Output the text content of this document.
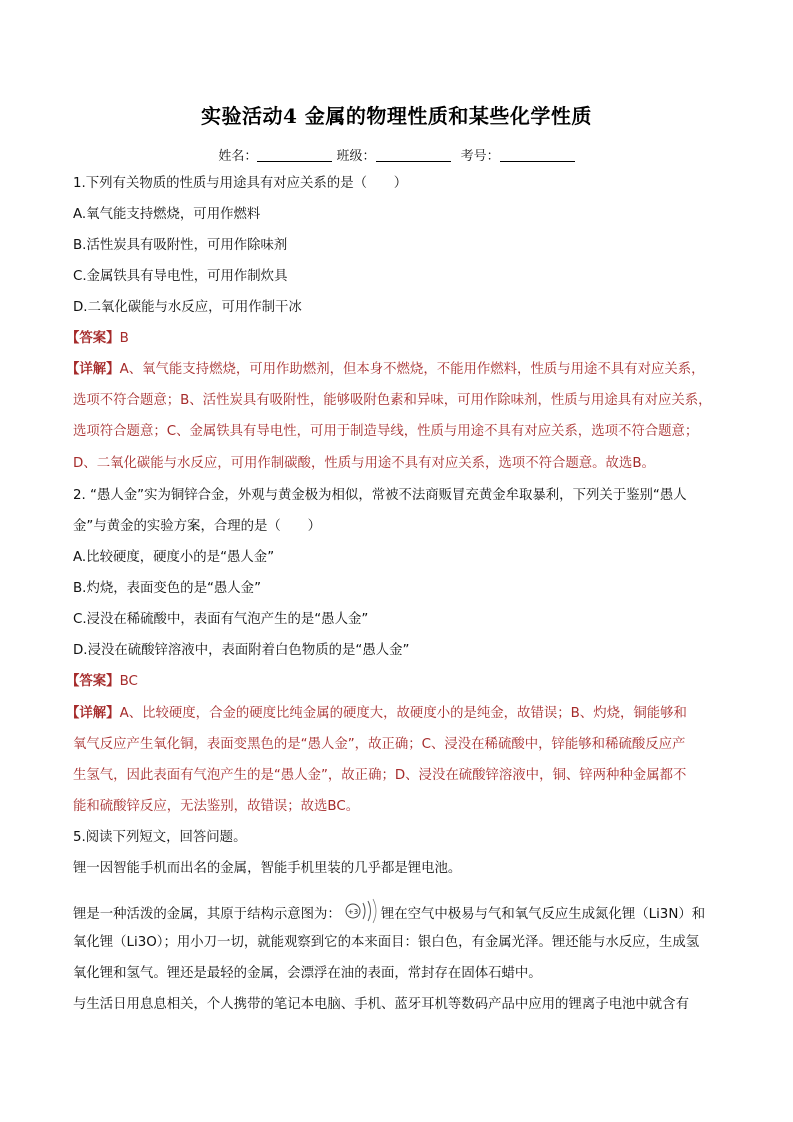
实验活动4 金属的物理性质和某些化学性质
姓名：	班级：	考号：
1.下列有关物质的性质与用途具有对应关系的是（　　）
A.氧气能支持燃烧，可用作燃料
B.活性炭具有吸附性，可用作除味剂
C.金属铁具有导电性，可用作制炊具
D.二氧化碳能与水反应，可用作制干冰
【答案】B
【详解】A、氧气能支持燃烧，可用作助燃剂，但本身不燃烧，不能用作燃料，性质与用途不具有对应关系，
选项不符合题意；B、活性炭具有吸附性，能够吸附色素和异味，可用作除味剂，性质与用途具有对应关系，
选项符合题意；C、金属铁具有导电性，可用于制造导线，性质与用途不具有对应关系，选项不符合题意；
D、二氧化碳能与水反应，可用作制碳酸，性质与用途不具有对应关系，选项不符合题意。故选B。
2. “愚人金”实为铜锌合金，外观与黄金极为相似，常被不法商贩冒充黄金牟取暴利，下列关于鉴别“愚人
金”与黄金的实验方案，合理的是（　　）
A.比较硬度，硬度小的是“愚人金”
B.灼烧，表面变色的是“愚人金”
C.浸没在稀硫酸中，表面有气泡产生的是“愚人金”
D.浸没在硫酸锌溶液中，表面附着白色物质的是“愚人金”
【答案】BC
【详解】A、比较硬度，合金的硬度比纯金属的硬度大，故硬度小的是纯金，故错误；B、灼烧，铜能够和
氧气反应产生氧化铜，表面变黑色的是“愚人金”，故正确；C、浸没在稀硫酸中，锌能够和稀硫酸反应产
生氢气，因此表面有气泡产生的是“愚人金”，故正确；D、浸没在硫酸锌溶液中，铜、锌两种种金属都不
能和硫酸锌反应，无法鉴别，故错误；故选BC。
5.阅读下列短文，回答问题。
锂一因智能手机而出名的金属，智能手机里装的几乎都是锂电池。
锂是一种活泼的金属，其原于结构示意图为： +3 锂在空气中极易与气和氧气反应生成氮化锂（Li3N）和
氧化锂（Li3O）；用小刀一切，就能观察到它的本来面目：银白色，有金属光泽。锂还能与水反应，生成氢
氧化锂和氢气。锂还是最轻的金属，会漂浮在油的表面，常封存在固体石蜡中。
与生活日用息息相关，个人携带的笔记本电脑、手机、蓝牙耳机等数码产品中应用的锂离子电池中就含有
